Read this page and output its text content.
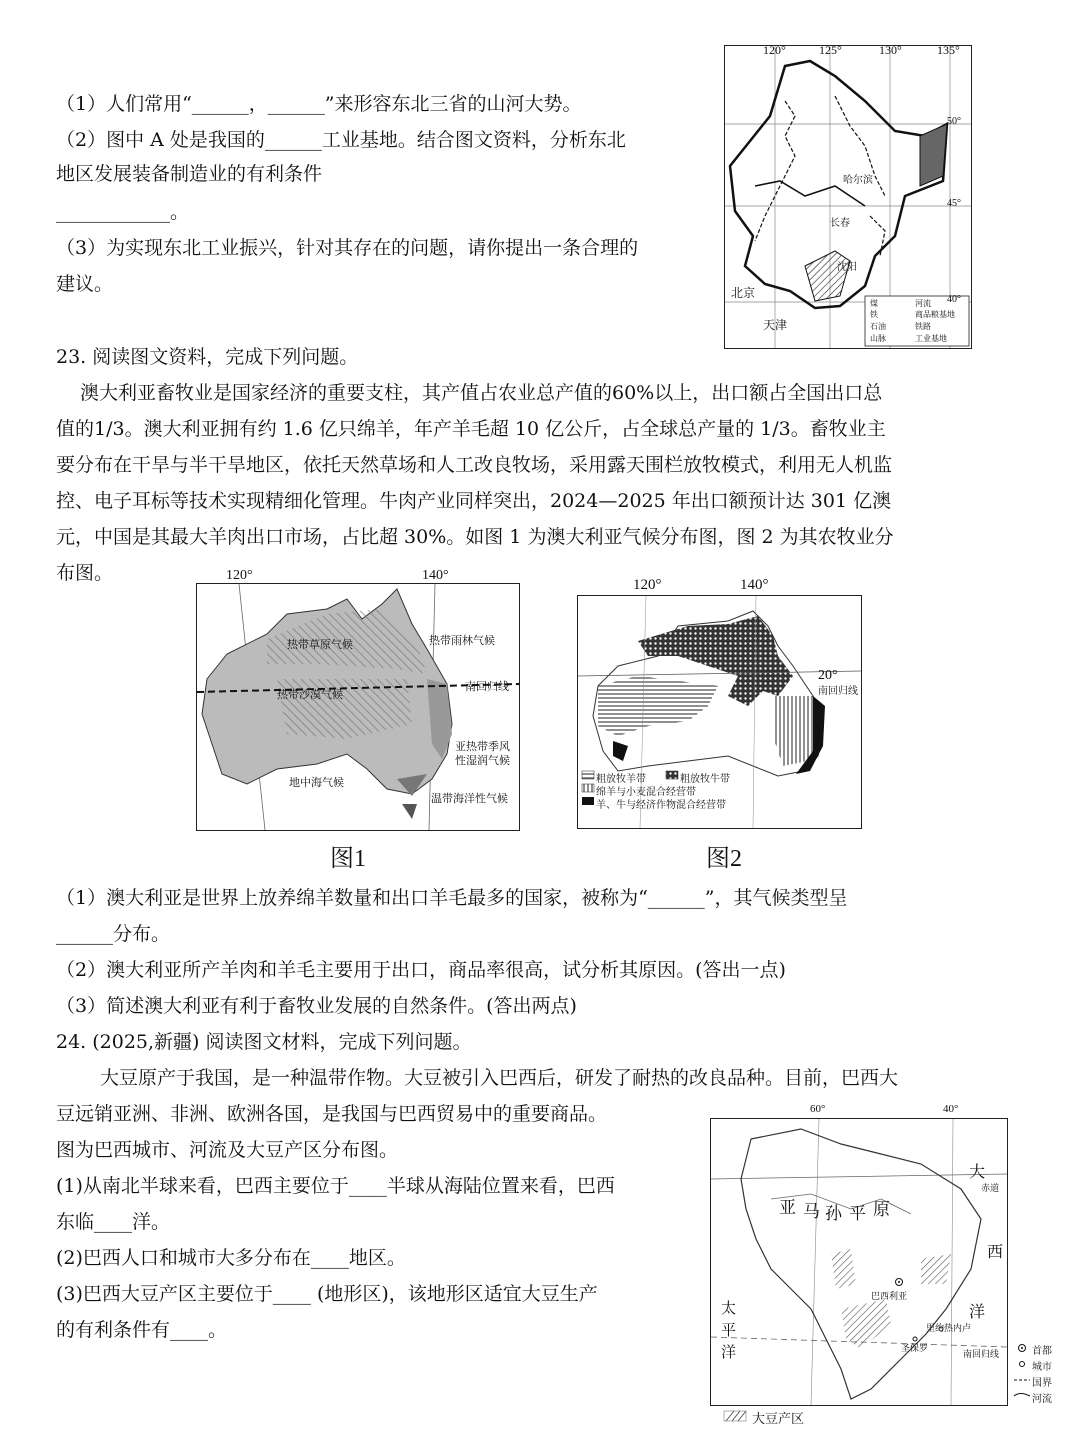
（1）人们常用“______，______”来形容东北三省的山河大势。
（2）图中 A 处是我国的______工业基地。结合图文资料，分析东北
地区发展装备制造业的有利条件
____________。
（3）为实现东北工业振兴，针对其存在的问题，请你提出一条合理的
建议。
120°	125°	130°	135°
50°
45°
40°
哈尔滨
长春
沈阳
北京
天津
煤	河流
铁	商品粮基地
石油	铁路
山脉	工业基地
23. 阅读图文资料，完成下列问题。
澳大利亚畜牧业是国家经济的重要支柱，其产值占农业总产值的60%以上，出口额占全国出口总
值的1/3。澳大利亚拥有约 1.6 亿只绵羊，年产羊毛超 10 亿公斤，占全球总产量的 1/3。畜牧业主
要分布在干旱与半干旱地区，依托天然草场和人工改良牧场，采用露天围栏放牧模式，利用无人机监
控、电子耳标等技术实现精细化管理。牛肉产业同样突出，2024—2025 年出口额预计达 301 亿澳
元，中国是其最大羊肉出口市场，占比超 30%。如图 1 为澳大利亚气候分布图，图 2 为其农牧业分
布图。
热带草原气候	热带雨林气候
南回归线
热带沙漠气候
亚热带季风
性湿润气候
地中海气候
温带海洋性气候
120°	140°
图1
20°
南回归线
粗放牧羊带	粗放牧牛带
绵羊与小麦混合经营带
羊、牛与经济作物混合经营带
120°	140°
图2
（1）澳大利亚是世界上放养绵羊数量和出口羊毛最多的国家，被称为“______”，其气候类型呈
______分布。
（2）澳大利亚所产羊肉和羊毛主要用于出口，商品率很高，试分析其原因。(答出一点)
（3）简述澳大利亚有利于畜牧业发展的自然条件。(答出两点)
24. (2025,新疆) 阅读图文材料，完成下列问题。
大豆原产于我国，是一种温带作物。大豆被引入巴西后，研发了耐热的改良品种。目前，巴西大
豆远销亚洲、非洲、欧洲各国，是我国与巴西贸易中的重要商品。
图为巴西城市、河流及大豆产区分布图。
(1)从南北半球来看，巴西主要位于____半球从海陆位置来看，巴西
东临____洋。
(2)巴西人口和城市大多分布在____地区。
(3)巴西大豆产区主要位于____ (地形区)，该地形区适宜大豆生产
的有利条件有____。
亚 马 孙 平 原
大
西
洋
太
平
洋
赤道
南回归线
巴西利亚
里约热内卢
圣保罗
60°	40°
首都
城市
国界
河流
大豆产区
